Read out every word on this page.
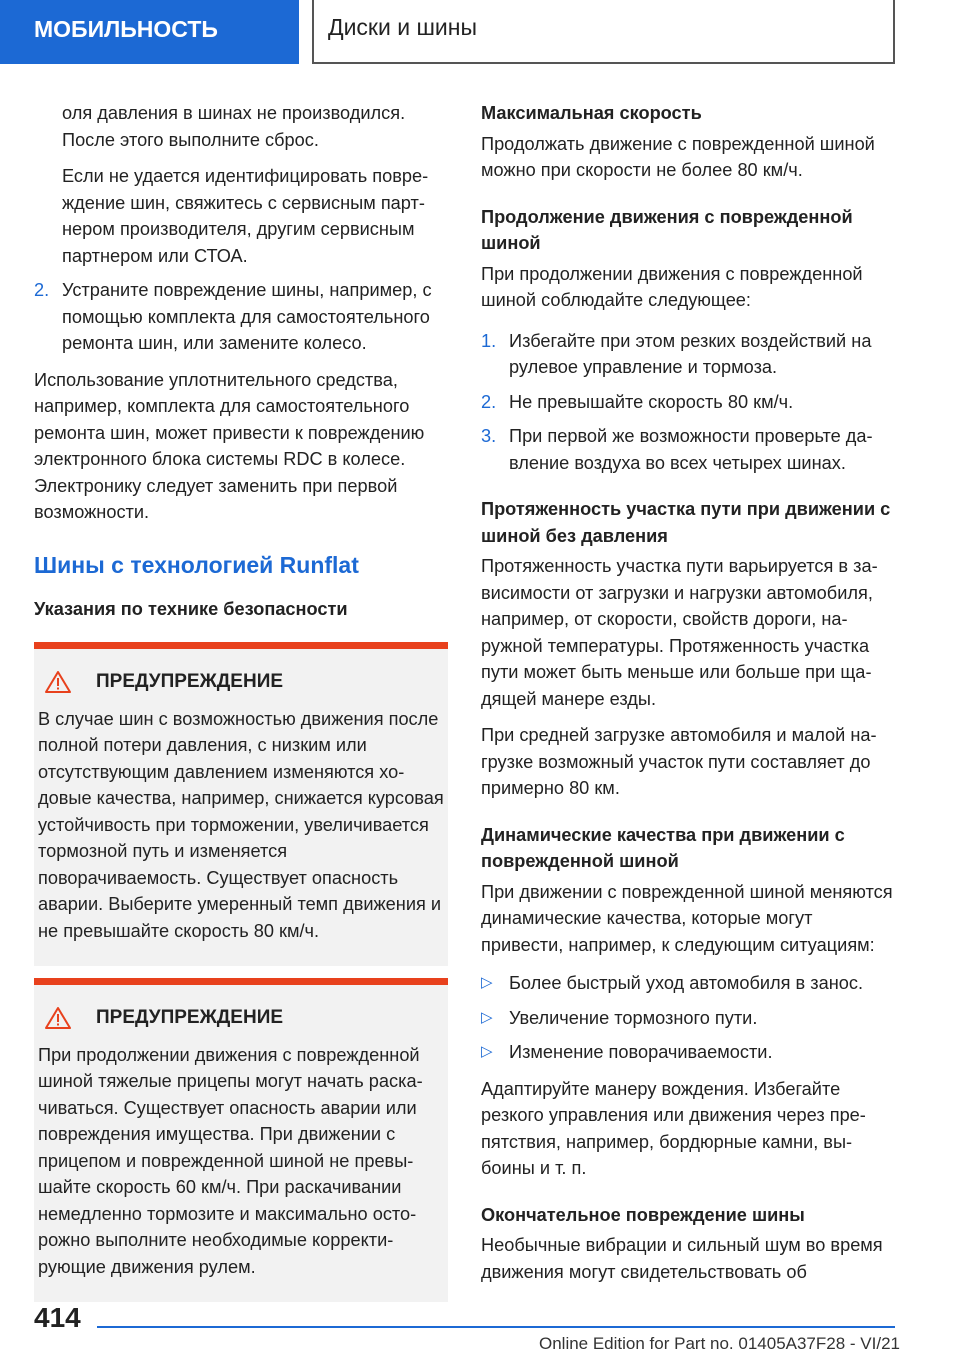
МОБИЛЬНОСТЬ	Диски и шины

оля давления в шинах не производился. После этого выполните сброс.

Если не удается идентифицировать повреждение шин, свяжитесь с сервисным партнером производителя, другим сервисным партнером или СТОА.

2. Устраните повреждение шины, например, с помощью комплекта для самостоятельного ремонта шин, или замените колесо.

Использование уплотнительного средства, например, комплекта для самостоятельного ремонта шин, может привести к повреждению электронного блока системы RDC в колесе. Электронику следует заменить при первой возможности.

Шины с технологией Runflat
Указания по технике безопасности
ПРЕДУПРЕЖДЕНИЕ

В случае шин с возможностью движения после полной потери давления, с низким или отсутствующим давлением изменяются ходовые качества, например, снижается курсовая устойчивость при торможении, увеличивается тормозной путь и изменяется поворачиваемость. Существует опасность аварии. Выберите умеренный темп движения и не превышайте скорость 80 км/ч.

ПРЕДУПРЕЖДЕНИЕ

При продолжении движения с поврежденной шиной тяжелые прицепы могут начать раскачиваться. Существует опасность аварии или повреждения имущества. При движении с прицепом и поврежденной шиной не превышайте скорость 60 км/ч. При раскачивании немедленно тормозите и максимально осторожно выполните необходимые корректирующие движения рулем.

Максимальная скорость

Продолжать движение с поврежденной шиной можно при скорости не более 80 км/ч.

Продолжение движения с поврежденной шиной

При продолжении движения с поврежденной шиной соблюдайте следующее:

1. Избегайте при этом резких воздействий на рулевое управление и тормоза.
2. Не превышайте скорость 80 км/ч.
3. При первой же возможности проверьте давление воздуха во всех четырех шинах.
Протяженность участка пути при движении с шиной без давления

Протяженность участка пути варьируется в зависимости от загрузки и нагрузки автомобиля, например, от скорости, свойств дороги, наружной температуры. Протяженность участка пути может быть меньше или больше при щадящей манере езды.

При средней загрузке автомобиля и малой нагрузке возможный участок пути составляет до примерно 80 км.

Динамические качества при движении с поврежденной шиной

При движении с поврежденной шиной меняются динамические качества, которые могут привести, например, к следующим ситуациям:

▷ Более быстрый уход автомобиля в занос.
▷ Увеличение тормозного пути.
▷ Изменение поворачиваемости.

Адаптируйте манеру вождения. Избегайте резкого управления или движения через препятствия, например, бордюрные камни, выбоины и т. п.

Окончательное повреждение шины

Необычные вибрации и сильный шум во время движения могут свидетельствовать об

414
Online Edition for Part no. 01405A37F28 - VI/21
